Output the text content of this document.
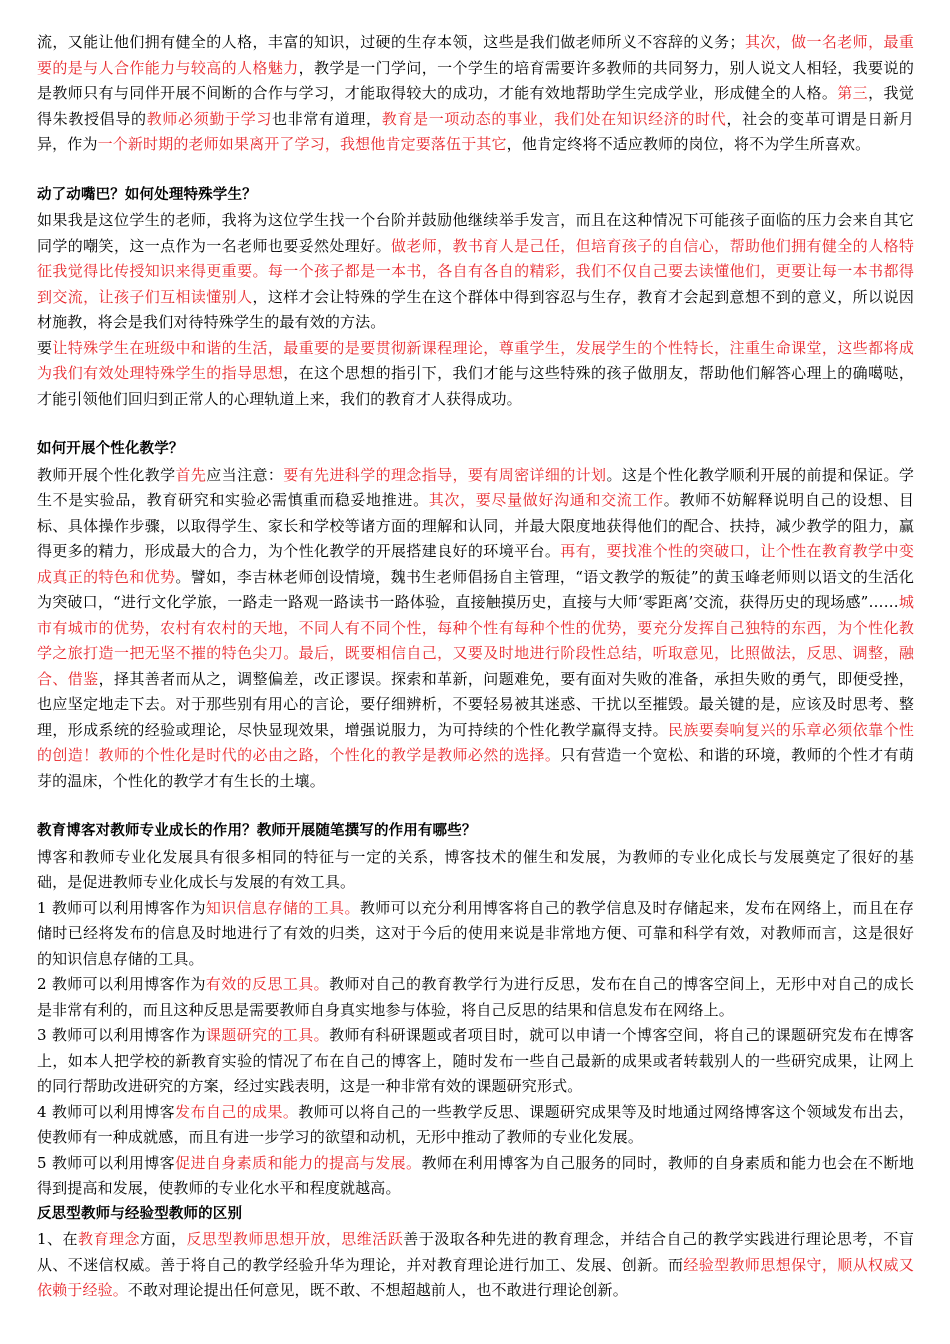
流，又能让他们拥有健全的人格，丰富的知识，过硬的生存本领，这些是我们做老师所义不容辞的义务；其次，做一名老师，最重要的是与人合作能力与较高的人格魅力，教学是一门学问，一个学生的培育需要许多教师的共同努力，别人说文人相轻，我要说的是教师只有与同伴开展不间断的合作与学习，才能取得较大的成功，才能有效地帮助学生完成学业，形成健全的人格。第三，我觉得朱教授倡导的教师必须勤于学习也非常有道理，教育是一项动态的事业，我们处在知识经济的时代，社会的变革可谓是日新月异，作为一个新时期的老师如果离开了学习，我想他肯定要落伍于其它，他肯定终将不适应教师的岗位，将不为学生所喜欢。

动了动嘴巴？如何处理特殊学生？

如果我是这位学生的老师，我将为这位学生找一个台阶并鼓励他继续举手发言，而且在这种情况下可能孩子面临的压力会来自其它同学的嘲笑，这一点作为一名老师也要妥然处理好。做老师，教书育人是己任，但培育孩子的自信心，帮助他们拥有健全的人格特征我觉得比传授知识来得更重要。每一个孩子都是一本书，各自有各自的精彩，我们不仅自己要去读懂他们，更要让每一本书都得到交流，让孩子们互相读懂别人，这样才会让特殊的学生在这个群体中得到容忍与生存，教育才会起到意想不到的意义，所以说因材施教，将会是我们对待特殊学生的最有效的方法。

要让特殊学生在班级中和谐的生活，最重要的是要贯彻新课程理论，尊重学生，发展学生的个性特长，注重生命课堂，这些都将成为我们有效处理特殊学生的指导思想，在这个思想的指引下，我们才能与这些特殊的孩子做朋友，帮助他们解答心理上的确噶哒，才能引领他们回归到正常人的心理轨道上来，我们的教育才人获得成功。

如何开展个性化教学？

教师开展个性化教学首先应当注意：要有先进科学的理念指导，要有周密详细的计划。这是个性化教学顺利开展的前提和保证。学生不是实验品，教育研究和实验必需慎重而稳妥地推进。其次，要尽量做好沟通和交流工作。教师不妨解释说明自己的设想、目标、具体操作步骤，以取得学生、家长和学校等诸方面的理解和认同，并最大限度地获得他们的配合、扶持，减少教学的阻力，赢得更多的精力，形成最大的合力，为个性化教学的开展搭建良好的环境平台。再有，要找准个性的突破口，让个性在教育教学中变成真正的特色和优势。譬如，李吉林老师创设情境，魏书生老师倡扬自主管理，“语文教学的叛徒”的黄玉峰老师则以语文的生活化为突破口，“进行文化学旅，一路走一路观一路读书一路体验，直接触摸历史，直接与大师‘零距离’交流，获得历史的现场感”……城市有城市的优势，农村有农村的天地，不同人有不同个性，每种个性有每种个性的优势，要充分发挥自己独特的东西，为个性化教学之旅打造一把无坚不摧的特色尖刀。最后，既要相信自己，又要及时地进行阶段性总结，听取意见，比照做法，反思、调整，融合、借鉴，择其善者而从之，调整偏差，改正谬误。探索和革新，问题难免，要有面对失败的准备，承担失败的勇气，即便受挫，也应坚定地走下去。对于那些别有用心的言论，要仔细辨析，不要轻易被其迷惑、干扰以至摧毁。最关键的是，应该及时思考、整理，形成系统的经验或理论，尽快显现效果，增强说服力，为可持续的个性化教学赢得支持。民族要奏响复兴的乐章必须依靠个性的创造！教师的个性化是时代的必由之路，个性化的教学是教师必然的选择。只有营造一个宽松、和谐的环境，教师的个性才有萌芽的温床，个性化的教学才有生长的土壤。

教育博客对教师专业成长的作用？教师开展随笔撰写的作用有哪些？

博客和教师专业化发展具有很多相同的特征与一定的关系，博客技术的催生和发展，为教师的专业化成长与发展奠定了很好的基础，是促进教师专业化成长与发展的有效工具。

1 教师可以利用博客作为知识信息存储的工具。教师可以充分利用博客将自己的教学信息及时存储起来，发布在网络上，而且在存储时已经将发布的信息及时地进行了有效的归类，这对于今后的使用来说是非常地方便、可靠和科学有效，对教师而言，这是很好的知识信息存储的工具。

2 教师可以利用博客作为有效的反思工具。教师对自己的教育教学行为进行反思，发布在自己的博客空间上，无形中对自己的成长是非常有利的，而且这种反思是需要教师自身真实地参与体验，将自己反思的结果和信息发布在网络上。

3 教师可以利用博客作为课题研究的工具。教师有科研课题或者项目时，就可以申请一个博客空间，将自己的课题研究发布在博客上，如本人把学校的新教育实验的情况了布在自己的博客上，随时发布一些自己最新的成果或者转载别人的一些研究成果，让网上的同行帮助改进研究的方案，经过实践表明，这是一种非常有效的课题研究形式。

4 教师可以利用博客发布自己的成果。教师可以将自己的一些教学反思、课题研究成果等及时地通过网络博客这个领域发布出去，使教师有一种成就感，而且有进一步学习的欲望和动机，无形中推动了教师的专业化发展。

5 教师可以利用博客促进自身素质和能力的提高与发展。教师在利用博客为自己服务的同时，教师的自身素质和能力也会在不断地得到提高和发展，使教师的专业化水平和程度就越高。

反思型教师与经验型教师的区别

1、在教育理念方面，反思型教师思想开放，思维活跃善于汲取各种先进的教育理念，并结合自己的教学实践进行理论思考，不盲从、不迷信权威。善于将自己的教学经验升华为理论，并对教育理论进行加工、发展、创新。而经验型教师思想保守，顺从权威又依赖于经验。不敢对理论提出任何意见，既不敢、不想超越前人，也不敢进行理论创新。
